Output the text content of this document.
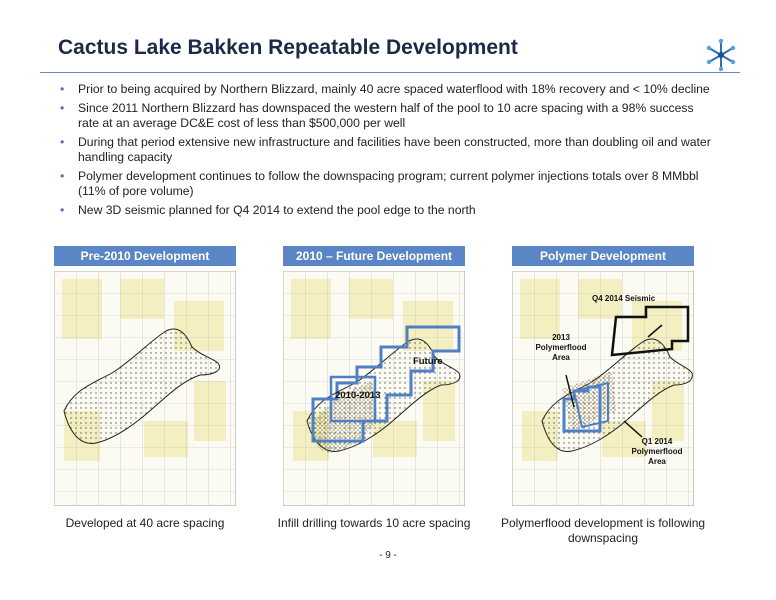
Cactus Lake Bakken Repeatable Development
• Prior to being acquired by Northern Blizzard, mainly 40 acre spaced waterflood with 18% recovery and < 10% decline
• Since 2011 Northern Blizzard has downspaced the western half of the pool to 10 acre spacing with a 98% success rate at an average DC&E cost of less than $500,000 per well
• During that period extensive new infrastructure and facilities have been constructed, more than doubling oil and water handling capacity
• Polymer development continues to follow the downspacing program; current polymer injections totals over 8 MMbbl (11% of pore volume)
• New 3D seismic planned for Q4 2014 to extend the pool edge to the north
Pre-2010 Development	2010 – Future Development	Polymer Development
Future
2010-2013
Q4 2014 Seismic
2013 Polymerflood Area
Q1 2014 Polymerflood Area
Developed at 40 acre spacing	Infill drilling towards 10 acre spacing	Polymerflood development is following downspacing
- 9 -
